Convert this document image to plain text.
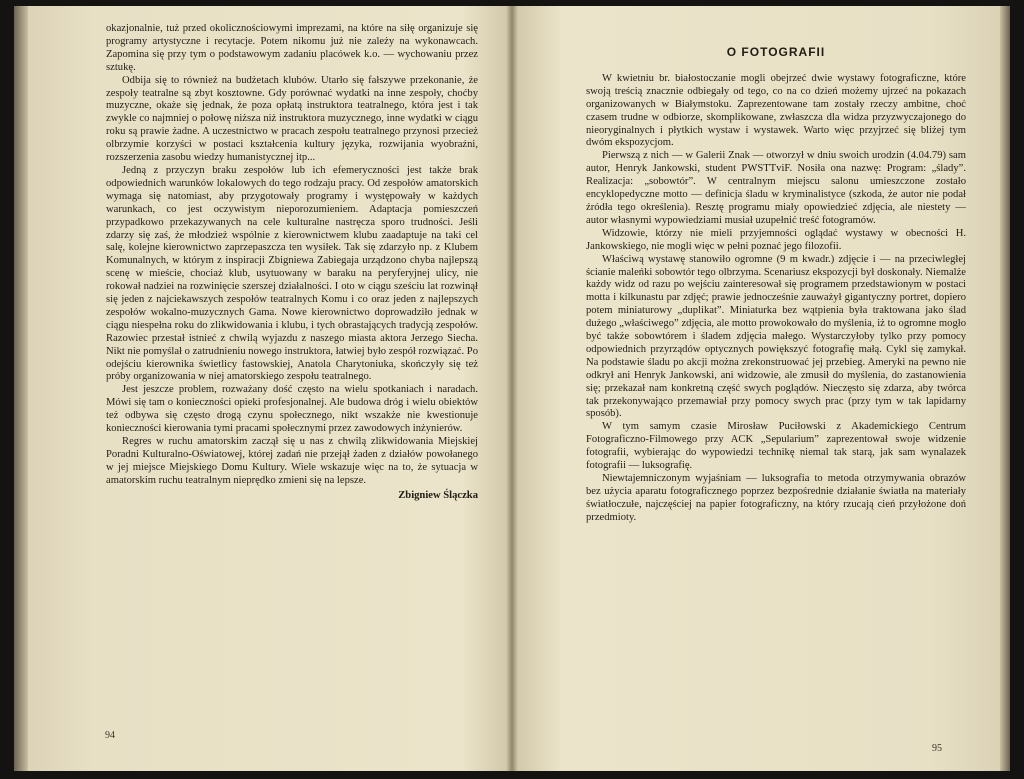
okazjonalnie, tuż przed okolicznościowymi imprezami, na które na siłę organizuje się programy artystyczne i recytacje. Potem nikomu już nie zależy na wykonawcach. Zapomina się przy tym o podstawowym zadaniu placówek k.o. — wychowaniu przez sztukę.

Odbija się to również na budżetach klubów. Utarło się fałszywe przekonanie, że zespoły teatralne są zbyt kosztowne. Gdy porównać wydatki na inne zespoły, choćby muzyczne, okaże się jednak, że poza opłatą instruktora teatralnego, która jest i tak zwykle co najmniej o połowę niższa niż instruktora muzycznego, inne wydatki w ciągu roku są prawie żadne. A uczestnictwo w pracach zespołu teatralnego przynosi przecież olbrzymie korzyści w postaci kształcenia kultury języka, rozwijania wyobraźni, rozszerzenia zasobu wiedzy humanistycznej itp...

Jedną z przyczyn braku zespołów lub ich efemeryczności jest także brak odpowiednich warunków lokalowych do tego rodzaju pracy. Od zespołów amatorskich wymaga się natomiast, aby przygotowały programy i występowały w każdych warunkach, co jest oczywistym nieporozumieniem. Adaptacja pomieszczeń przypadkowo przekazywanych na cele kulturalne nastręcza sporo trudności. Jeśli zdarzy się zaś, że młodzież wspólnie z kierownictwem klubu zaadaptuje na taki cel salę, kolejne kierownictwo zaprzepaszcza ten wysiłek. Tak się zdarzyło np. z Klubem Komunalnych, w którym z inspiracji Zbigniewa Zabiegaja urządzono chyba najlepszą scenę w mieście, chociaż klub, usytuowany w baraku na peryferyjnej ulicy, nie rokował nadziei na rozwinięcie szerszej działalności. I oto w ciągu sześciu lat rozwinął się jeden z najciekawszych zespołów teatralnych Komu i co oraz jeden z najlepszych zespołów wokalno-muzycznych Gama. Nowe kierownictwo doprowadziło jednak w ciągu niespełna roku do zlikwidowania i klubu, i tych obrastających tradycją zespołów. Razowiec przestał istnieć z chwilą wyjazdu z naszego miasta aktora Jerzego Siecha. Nikt nie pomyślał o zatrudnieniu nowego instruktora, łatwiej było zespół rozwiązać. Po odejściu kierownika świetlicy fastowskiej, Anatola Charytoniuka, skończyły się też próby organizowania w niej amatorskiego zespołu teatralnego.

Jest jeszcze problem, rozważany dość często na wielu spotkaniach i naradach. Mówi się tam o konieczności opieki profesjonalnej. Ale budowa dróg i wielu obiektów też odbywa się często drogą czynu społecznego, nikt wszakże nie kwestionuje konieczności kierowania tymi pracami społecznymi przez zawodowych inżynierów.

Regres w ruchu amatorskim zaczął się u nas z chwilą zlikwidowania Miejskiej Poradni Kulturalno-Oświatowej, której zadań nie przejął żaden z działów powołanego w jej miejsce Miejskiego Domu Kultury. Wiele wskazuje więc na to, że sytuacja w amatorskim ruchu teatralnym nieprędko zmieni się na lepsze.

Zbigniew Ślączka
94
O FOTOGRAFII

W kwietniu br. białostoczanie mogli obejrzeć dwie wystawy fotograficzne, które swoją treścią znacznie odbiegały od tego, co na co dzień możemy ujrzeć na pokazach organizowanych w Białymstoku. Zaprezentowane tam zostały rzeczy ambitne, choć czasem trudne w odbiorze, skomplikowane, zwłaszcza dla widza przyzwyczajonego do nieoryginalnych i płytkich wystaw i wystawek. Warto więc przyjrzeć się bliżej tym dwóm ekspozycjom.

Pierwszą z nich — w Galerii Znak — otworzył w dniu swoich urodzin (4.04.79) sam autor, Henryk Jankowski, student PWSTTviF. Nosiła ona nazwę: Program: „ślady”. Realizacja: „sobowtór”. W centralnym miejscu salonu umieszczone zostało encyklopedyczne motto — definicja śladu w kryminalistyce (szkoda, że autor nie podał źródła tego określenia). Resztę programu miały opowiedzieć zdjęcia, ale niestety — autor własnymi wypowiedziami musiał uzupełnić treść fotogramów.

Widzowie, którzy nie mieli przyjemności oglądać wystawy w obecności H. Jankowskiego, nie mogli więc w pełni poznać jego filozofii.

Właściwą wystawę stanowiło ogromne (9 m kwadr.) zdjęcie i — na przeciwległej ścianie maleńki sobowtór tego olbrzyma. Scenariusz ekspozycji był doskonały. Niemalże każdy widz od razu po wejściu zainteresował się programem przedstawionym w postaci motta i kilkunastu par zdjęć; prawie jednocześnie zauważył gigantyczny portret, dopiero potem miniaturowy „duplikat”. Miniaturka bez wątpienia była traktowana jako ślad dużego „właściwego” zdjęcia, ale motto prowokowało do myślenia, iż to ogromne mogło być także sobowtórem i śladem zdjęcia małego. Wystarczyłoby tylko przy pomocy odpowiednich przyrządów optycznych powiększyć fotografię małą. Cykl się zamykał. Na podstawie śladu po akcji można zrekonstruować jej przebieg. Ameryki na pewno nie odkrył ani Henryk Jankowski, ani widzowie, ale zmusił do myślenia, do zastanowienia się; przekazał nam konkretną część swych poglądów. Nieczęsto się zdarza, aby twórca tak przekonywająco przemawiał przy pomocy swych prac (przy tym w tak lapidarny sposób).

W tym samym czasie Mirosław Puciłowski z Akademickiego Centrum Fotograficzno-Filmowego przy ACK „Sepularium” zaprezentował swoje widzenie fotografii, wybierając do wypowiedzi technikę niemal tak starą, jak sam wynalazek fotografii — luksografię.

Niewtajemniczonym wyjaśniam — luksografia to metoda otrzymywania obrazów bez użycia aparatu fotograficznego poprzez bezpośrednie działanie światła na materiały światłoczułe, najczęściej na papier fotograficzny, na który rzucają cień przyłożone doń przedmioty.

95
